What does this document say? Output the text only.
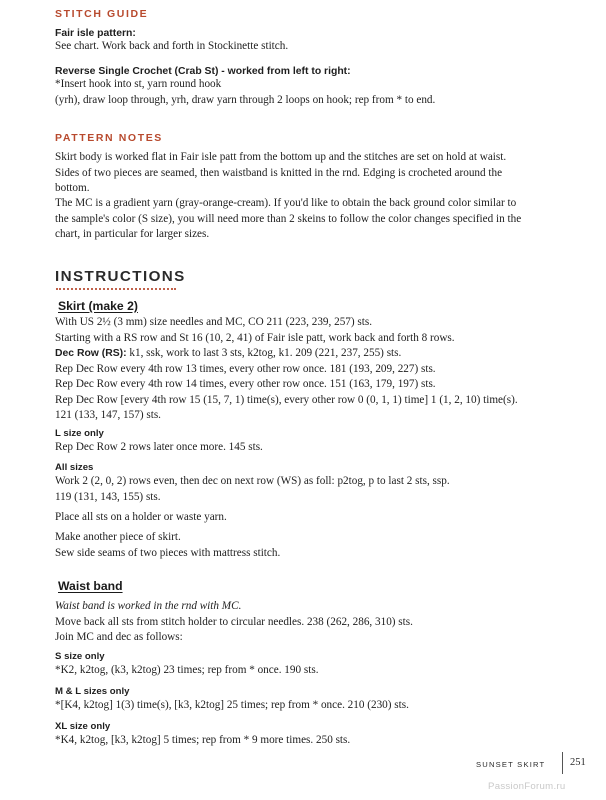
STITCH GUIDE
Fair isle pattern:
See chart. Work back and forth in Stockinette stitch.
Reverse Single Crochet (Crab St) - worked from left to right:
*Insert hook into st, yarn round hook
(yrh), draw loop through, yrh, draw yarn through 2 loops on hook; rep from * to end.
PATTERN NOTES
Skirt body is worked flat in Fair isle patt from the bottom up and the stitches are set on hold at waist.
Sides of two pieces are seamed, then waistband is knitted in the rnd. Edging is crocheted around the
bottom.
The MC is a gradient yarn (gray-orange-cream). If you'd like to obtain the back ground color similar to
the sample's color (S size), you will need more than 2 skeins to follow the color changes specified in the
chart, in particular for larger sizes.
INSTRUCTIONS
Skirt (make 2)
With US 2½ (3 mm) size needles and MC, CO 211 (223, 239, 257) sts.
Starting with a RS row and St 16 (10, 2, 41) of Fair isle patt, work back and forth 8 rows.
Dec Row (RS): k1, ssk, work to last 3 sts, k2tog, k1. 209 (221, 237, 255) sts.
Rep Dec Row every 4th row 13 times, every other row once. 181 (193, 209, 227) sts.
Rep Dec Row every 4th row 14 times, every other row once. 151 (163, 179, 197) sts.
Rep Dec Row [every 4th row 15 (15, 7, 1) time(s), every other row 0 (0, 1, 1) time] 1 (1, 2, 10) time(s).
121 (133, 147, 157) sts.
L size only
Rep Dec Row 2 rows later once more. 145 sts.
All sizes
Work 2 (2, 0, 2) rows even, then dec on next row (WS) as foll: p2tog, p to last 2 sts, ssp.
119 (131, 143, 155) sts.
Place all sts on a holder or waste yarn.
Make another piece of skirt.
Sew side seams of two pieces with mattress stitch.
Waist band
Waist band is worked in the rnd with MC.
Move back all sts from stitch holder to circular needles. 238 (262, 286, 310) sts.
Join MC and dec as follows:
S size only
*K2, k2tog, (k3, k2tog) 23 times; rep from * once. 190 sts.
M & L sizes only
*[K4, k2tog] 1(3) time(s), [k3, k2tog] 25 times; rep from * once. 210 (230) sts.
XL size only
*K4, k2tog, [k3, k2tog] 5 times; rep from * 9 more times. 250 sts.
SUNSET SKIRT 251
PassionForum.ru
